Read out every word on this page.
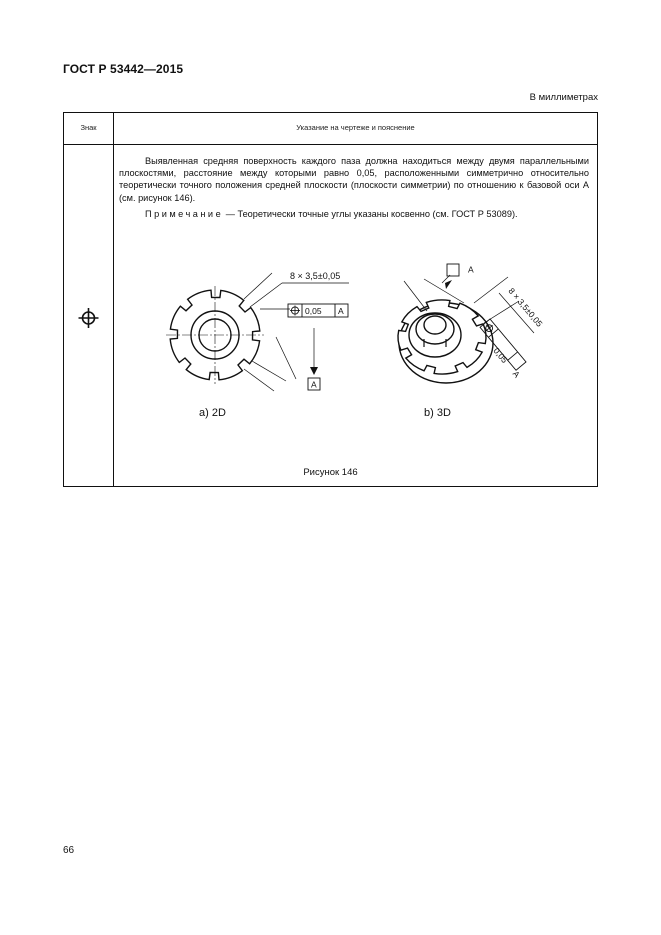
ГОСТ Р 53442—2015
В миллиметрах
Знак	Указание на чертеже и пояснение

Выявленная средняя поверхность каждого паза должна находиться между двумя параллельными плоскостями, расстояние между которыми равно 0,05, расположенными симметрично относительно теоретически точного положения средней плоскости (плоскости симметрии) по отношению к базовой оси А (см. рисунок 146).

Примечание — Теоретически точные углы указаны косвенно (см. ГОСТ Р 53089).
8 × 3,5±0,05
0,05 A
A
a) 2D
A
8 × 3,5±0,05
0,05
A
b) 3D
Рисунок 146
66
